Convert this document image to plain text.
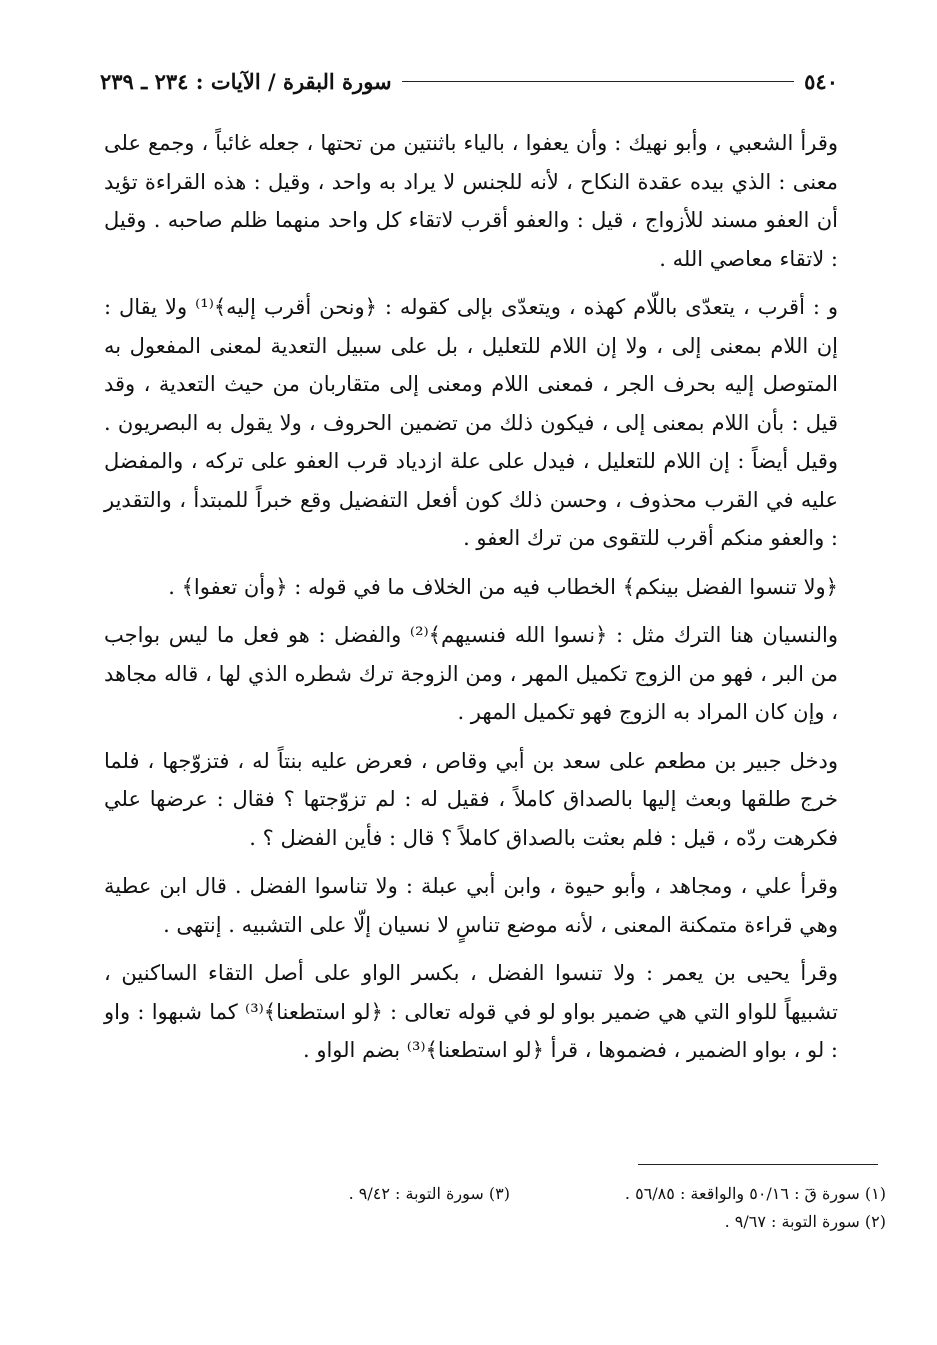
٥٤٠
سورة البقرة / الآيات : ٢٣٤ ـ ٢٣٩

وقرأ الشعبي ، وأبو نهيك : وأن يعفوا ، بالياء باثنتين من تحتها ، جعله غائباً ، وجمع على معنى : الذي بيده عقدة النكاح ، لأنه للجنس لا يراد به واحد ، وقيل : هذه القراءة تؤيد أن العفو مسند للأزواج ، قيل : والعفو أقرب لاتقاء كل واحد منهما ظلم صاحبه . وقيل : لاتقاء معاصي الله .

و : أقرب ، يتعدّى باللّام كهذه ، ويتعدّى بإلى كقوله : ﴿ونحن أقرب إليه﴾⁽¹⁾ ولا يقال : إن اللام بمعنى إلى ، ولا إن اللام للتعليل ، بل على سبيل التعدية لمعنى المفعول به المتوصل إليه بحرف الجر ، فمعنى اللام ومعنى إلى متقاربان من حيث التعدية ، وقد قيل : بأن اللام بمعنى إلى ، فيكون ذلك من تضمين الحروف ، ولا يقول به البصريون . وقيل أيضاً : إن اللام للتعليل ، فيدل على علة ازدياد قرب العفو على تركه ، والمفضل عليه في القرب محذوف ، وحسن ذلك كون أفعل التفضيل وقع خبراً للمبتدأ ، والتقدير : والعفو منكم أقرب للتقوى من ترك العفو .

﴿ولا تنسوا الفضل بينكم﴾ الخطاب فيه من الخلاف ما في قوله : ﴿وأن تعفوا﴾ .

والنسيان هنا الترك مثل : ﴿نسوا الله فنسيهم﴾⁽²⁾ والفضل : هو فعل ما ليس بواجب من البر ، فهو من الزوج تكميل المهر ، ومن الزوجة ترك شطره الذي لها ، قاله مجاهد ، وإن كان المراد به الزوج فهو تكميل المهر .

ودخل جبير بن مطعم على سعد بن أبي وقاص ، فعرض عليه بنتاً له ، فتزوّجها ، فلما خرج طلقها وبعث إليها بالصداق كاملاً ، فقيل له : لم تزوّجتها ؟ فقال : عرضها علي فكرهت ردّه ، قيل : فلم بعثت بالصداق كاملاً ؟ قال : فأين الفضل ؟ .

وقرأ علي ، ومجاهد ، وأبو حيوة ، وابن أبي عبلة : ولا تناسوا الفضل . قال ابن عطية وهي قراءة متمكنة المعنى ، لأنه موضع تناسٍ لا نسيان إلّا على التشبيه . إنتهى .

وقرأ يحيى بن يعمر : ولا تنسوا الفضل ، بكسر الواو على أصل التقاء الساكنين ، تشبيهاً للواو التي هي ضمير بواو لو في قوله تعالى : ﴿لو استطعنا﴾⁽³⁾ كما شبهوا : واو : لو ، بواو الضمير ، فضموها ، قرأ ﴿لو استطعنا﴾⁽³⁾ بضم الواو .

(١) سورة قٓ : ٥٠/١٦ والواقعة : ٥٦/٨٥ .
(٣) سورة التوبة : ٩/٤٢ .
(٢) سورة التوبة : ٩/٦٧ .
